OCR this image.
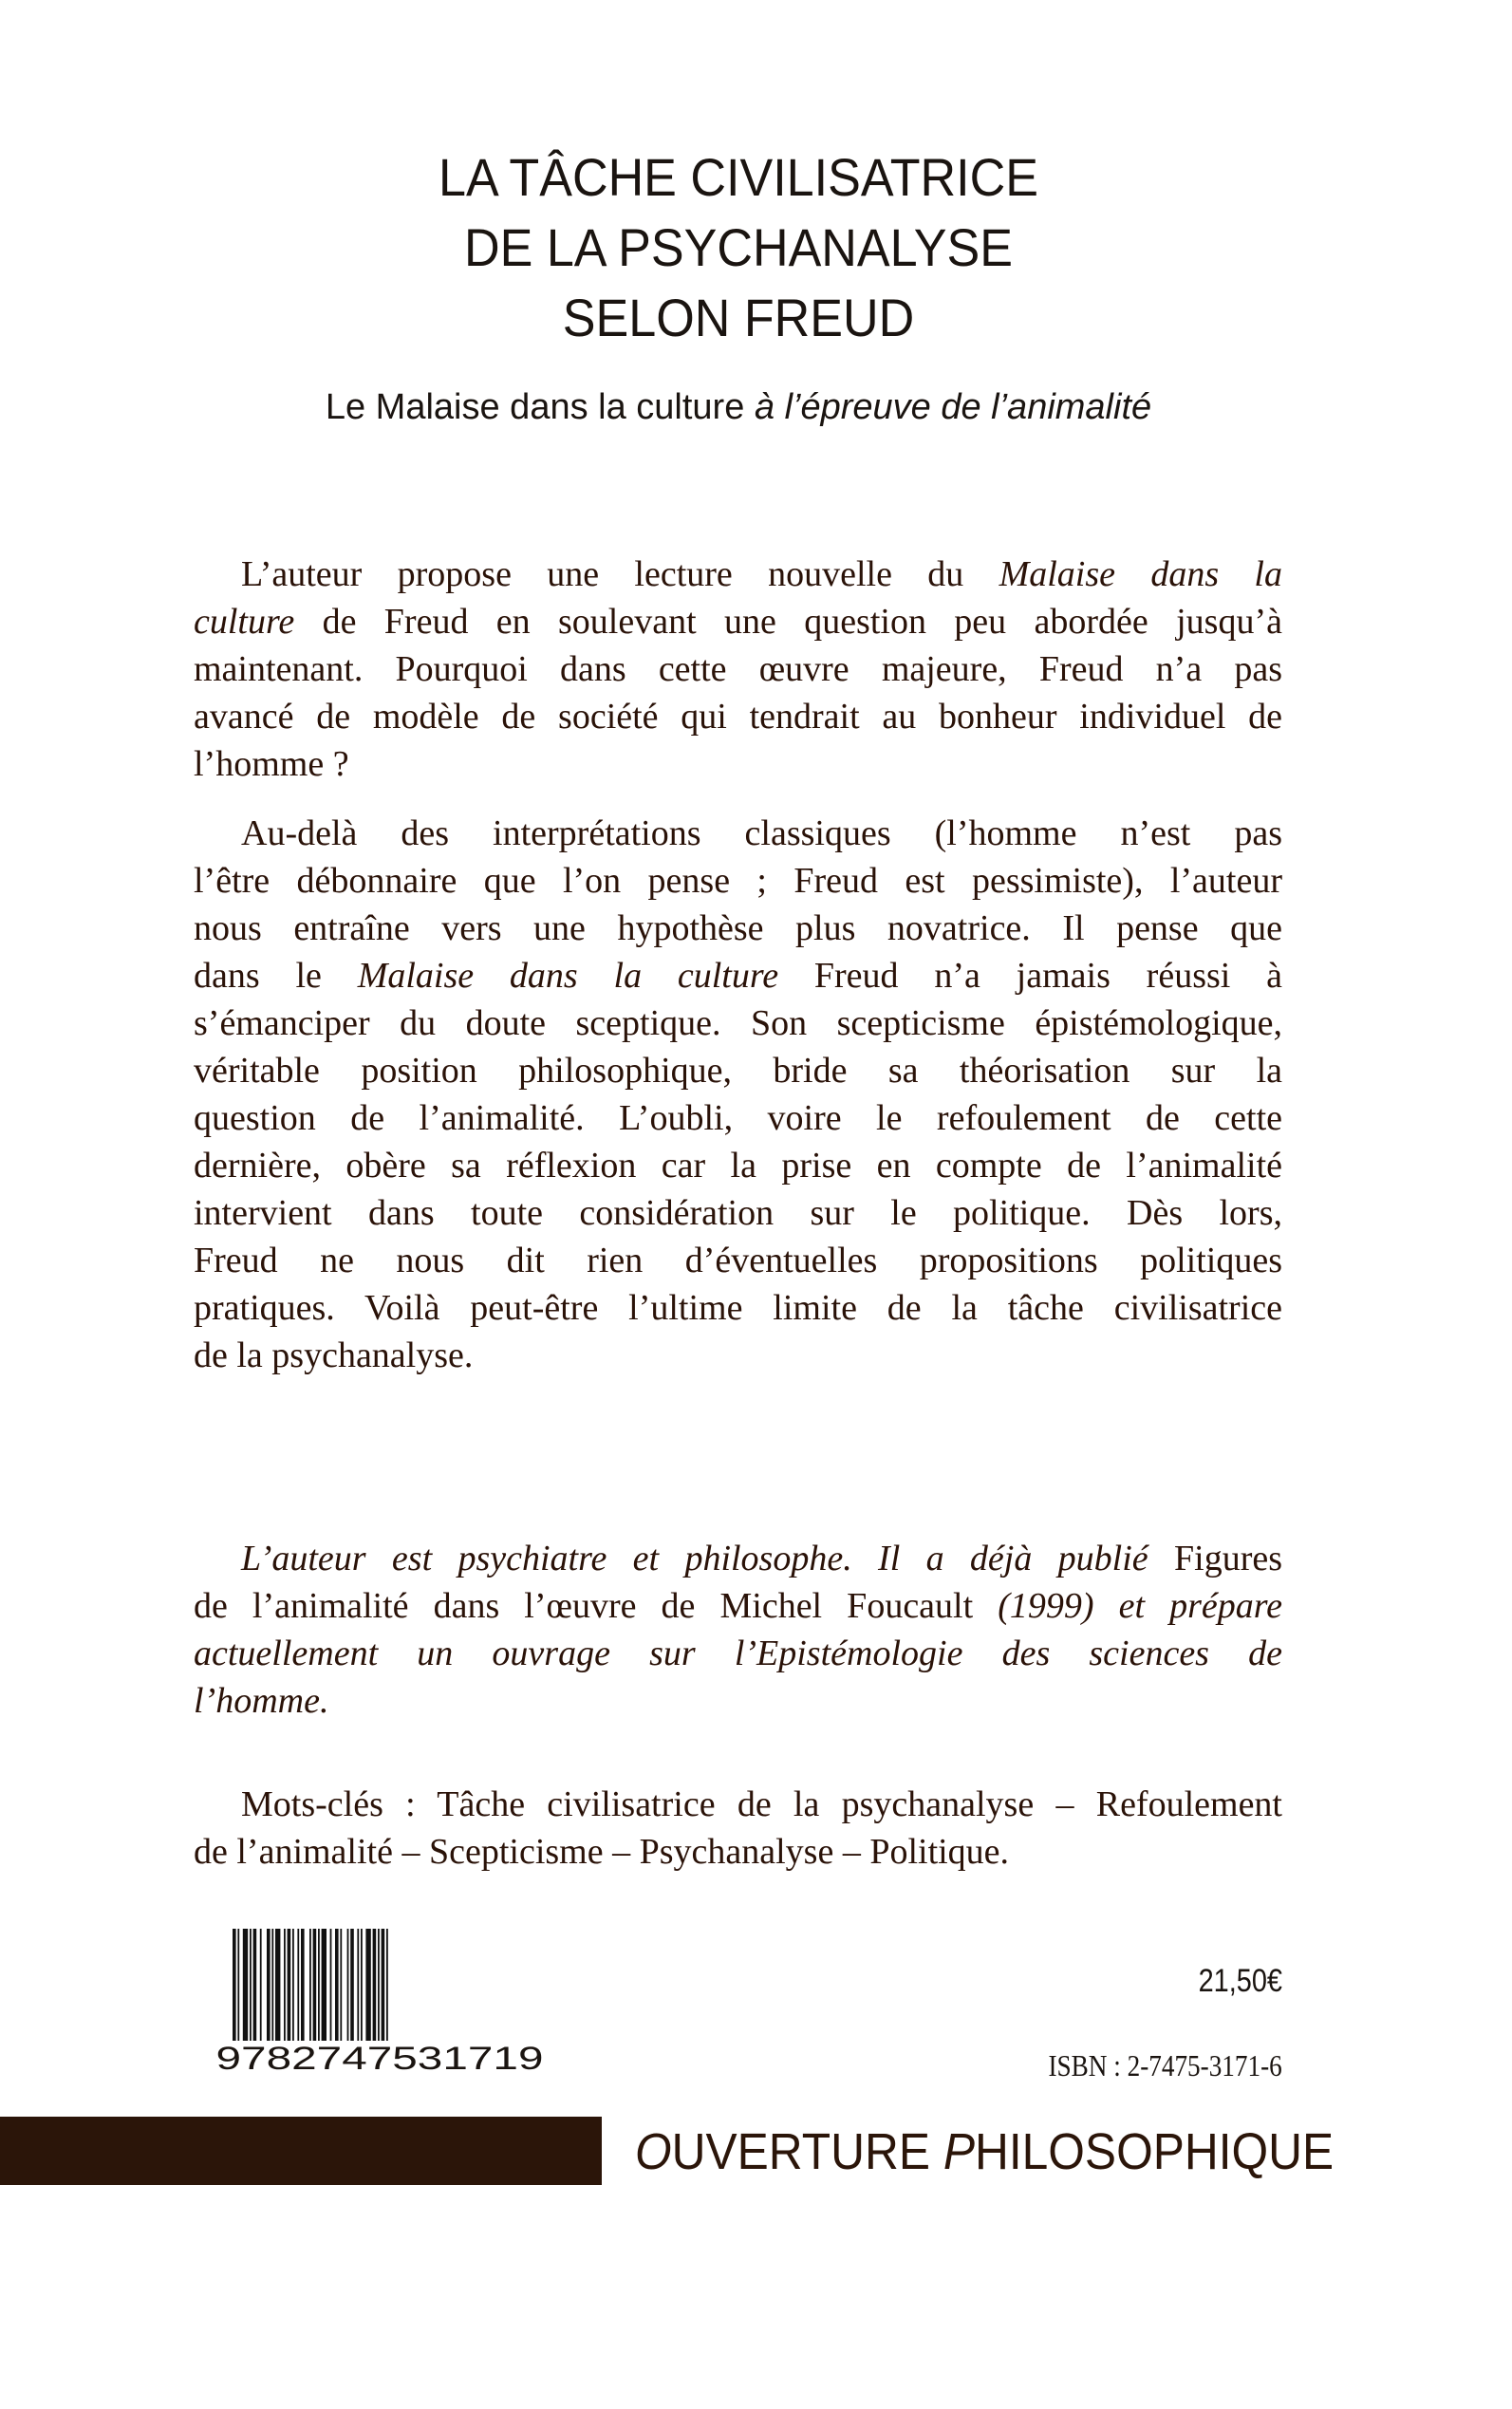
LA TÂCHE CIVILISATRICE
DE LA PSYCHANALYSE
SELON FREUD
Le Malaise dans la culture à l’épreuve de l’animalité
L’auteur propose une lecture nouvelle du Malaise dans la
culture de Freud en soulevant une question peu abordée jusqu’à
maintenant. Pourquoi dans cette œuvre majeure, Freud n’a pas
avancé de modèle de société qui tendrait au bonheur individuel de
l’homme ?
Au-delà des interprétations classiques (l’homme n’est pas
l’être débonnaire que l’on pense ; Freud est pessimiste), l’auteur
nous entraîne vers une hypothèse plus novatrice. Il pense que
dans le Malaise dans la culture Freud n’a jamais réussi à
s’émanciper du doute sceptique. Son scepticisme épistémologique,
véritable position philosophique, bride sa théorisation sur la
question de l’animalité. L’oubli, voire le refoulement de cette
dernière, obère sa réflexion car la prise en compte de l’animalité
intervient dans toute considération sur le politique. Dès lors,
Freud ne nous dit rien d’éventuelles propositions politiques
pratiques. Voilà peut-être l’ultime limite de la tâche civilisatrice
de la psychanalyse.
L’auteur est psychiatre et philosophe. Il a déjà publié Figures
de l’animalité dans l’œuvre de Michel Foucault (1999) et prépare
actuellement un ouvrage sur l’Epistémologie des sciences de
l’homme.
Mots-clés : Tâche civilisatrice de la psychanalyse – Refoulement
de l’animalité – Scepticisme – Psychanalyse – Politique.
9782747531719
21,50€
ISBN : 2-7475-3171-6
OUVERTURE PHILOSOPHIQUE
